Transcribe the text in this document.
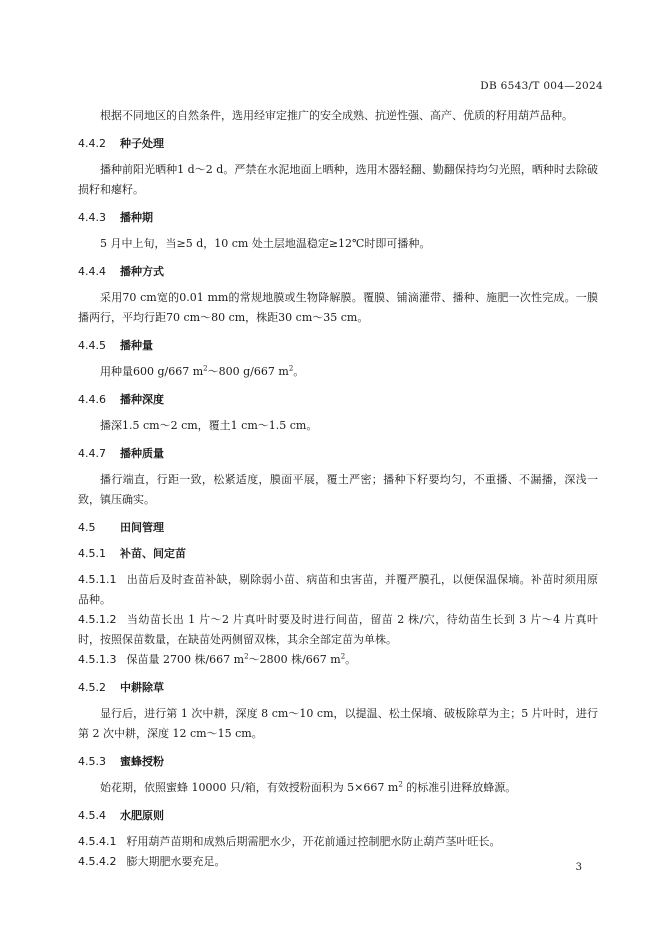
DB 6543/T 004—2024

根据不同地区的自然条件，选用经审定推广的安全成熟、抗逆性强、高产、优质的籽用葫芦品种。

4.4.2 种子处理

播种前阳光晒种1 d～2 d。严禁在水泥地面上晒种，选用木器轻翻、勤翻保持均匀光照，晒种时去除破损籽和瘪籽。

4.4.3 播种期

5 月中上旬，当≥5 d，10 cm 处土层地温稳定≥12℃时即可播种。

4.4.4 播种方式

采用70 cm宽的0.01 mm的常规地膜或生物降解膜。覆膜、铺滴灌带、播种、施肥一次性完成。一膜播两行，平均行距70 cm～80 cm，株距30 cm～35 cm。

4.4.5 播种量

用种量600 g/667 $m^2\sim 800$ g/667 $m^2$。

4.4.6 播种深度

播深1.5 cm～2 cm，覆土1 cm～1.5 cm。

4.4.7 播种质量

播行端直，行距一致，松紧适度，膜面平展，覆土严密；播种下籽要均匀，不重播、不漏播，深浅一致，镇压确实。

4.5 田间管理
4.5.1 补苗、间定苗

4.5.1.1 出苗后及时查苗补缺，剔除弱小苗、病苗和虫害苗，并覆严膜孔，以便保温保墒。补苗时须用原品种。

4.5.1.2 当幼苗长出 1 片～2 片真叶时要及时进行间苗，留苗 2 株/穴，待幼苗生长到 3 片～4 片真叶时，按照保苗数量，在缺苗处两侧留双株，其余全部定苗为单株。

4.5.1.3 保苗量 2700 株/667 $m^2\sim 2800$ 株/667 $m^2$。

4.5.2 中耕除草

显行后，进行第 1 次中耕，深度 8 cm～10 cm，以提温、松土保墒、破板除草为主；5 片叶时，进行第 2 次中耕，深度 12 cm～15 cm。

4.5.3 蜜蜂授粉

始花期，依照蜜蜂 10000 只/箱，有效授粉面积为 5×667 $m^2$ 的标准引进释放蜂源。

4.5.4 水肥原则

4.5.4.1 籽用葫芦苗期和成熟后期需肥水少，开花前通过控制肥水防止葫芦茎叶旺长。

4.5.4.2 膨大期肥水要充足。	3
